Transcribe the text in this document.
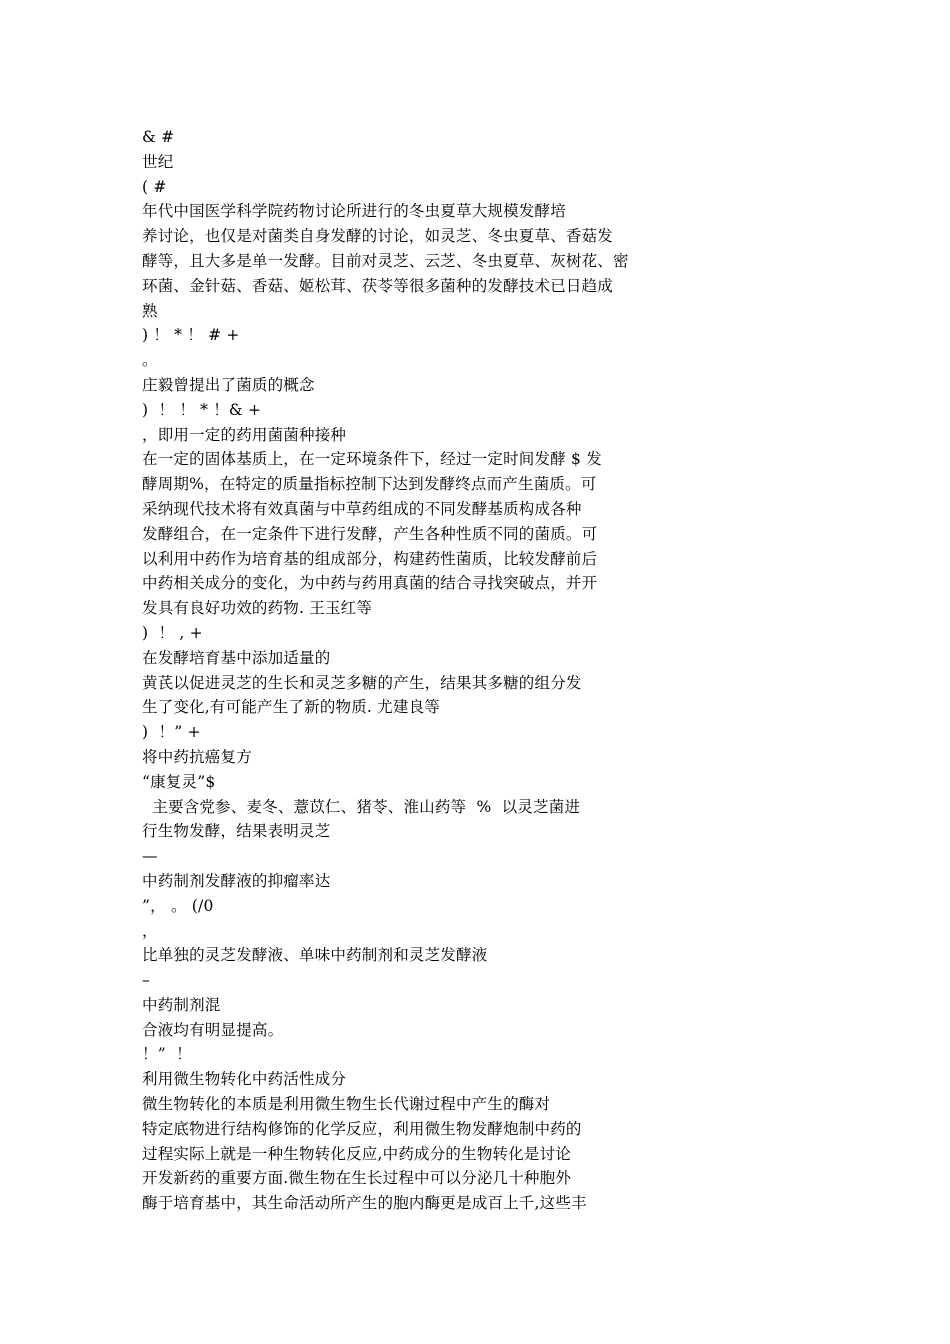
& #
世纪
( #
年代中国医学科学院药物讨论所进行的冬虫夏草大规模发酵培
养讨论，也仅是对菌类自身发酵的讨论，如灵芝、冬虫夏草、香菇发
酵等，且大多是单一发酵。目前对灵芝、云芝、冬虫夏草、灰树花、密
环菌、金针菇、香菇、姬松茸、茯苓等很多菌种的发酵技术已日趋成
熟
) ！ * ！ # +
。
庄毅曾提出了菌质的概念
)  ！ ！ * ！& +
，即用一定的药用菌菌种接种
在一定的固体基质上，在一定环境条件下，经过一定时间发酵 $ 发
酵周期%，在特定的质量指标控制下达到发酵终点而产生菌质。可
采纳现代技术将有效真菌与中草药组成的不同发酵基质构成各种
发酵组合，在一定条件下进行发酵，产生各种性质不同的菌质。可
以利用中药作为培育基的组成部分，构建药性菌质，比较发酵前后
中药相关成分的变化，为中药与药用真菌的结合寻找突破点，并开
发具有良好功效的药物. 王玉红等
)  ！ , +
在发酵培育基中添加适量的
黄芪以促进灵芝的生长和灵芝多糖的产生，结果其多糖的组分发
生了变化,有可能产生了新的物质. 尤建良等
)  ！” +
将中药抗癌复方
“康复灵”$
主要含党参、麦冬、薏苡仁、猪苓、淮山药等  %  以灵芝菌进
行生物发酵，结果表明灵芝
—
中药制剂发酵液的抑瘤率达
”， 。 (/0
，
比单独的灵芝发酵液、单味中药制剂和灵芝发酵液
–
中药制剂混
合液均有明显提高。
！”  ！
利用微生物转化中药活性成分
微生物转化的本质是利用微生物生长代谢过程中产生的酶对
特定底物进行结构修饰的化学反应，利用微生物发酵炮制中药的
过程实际上就是一种生物转化反应,中药成分的生物转化是讨论
开发新药的重要方面.微生物在生长过程中可以分泌几十种胞外
酶于培育基中，其生命活动所产生的胞内酶更是成百上千,这些丰
